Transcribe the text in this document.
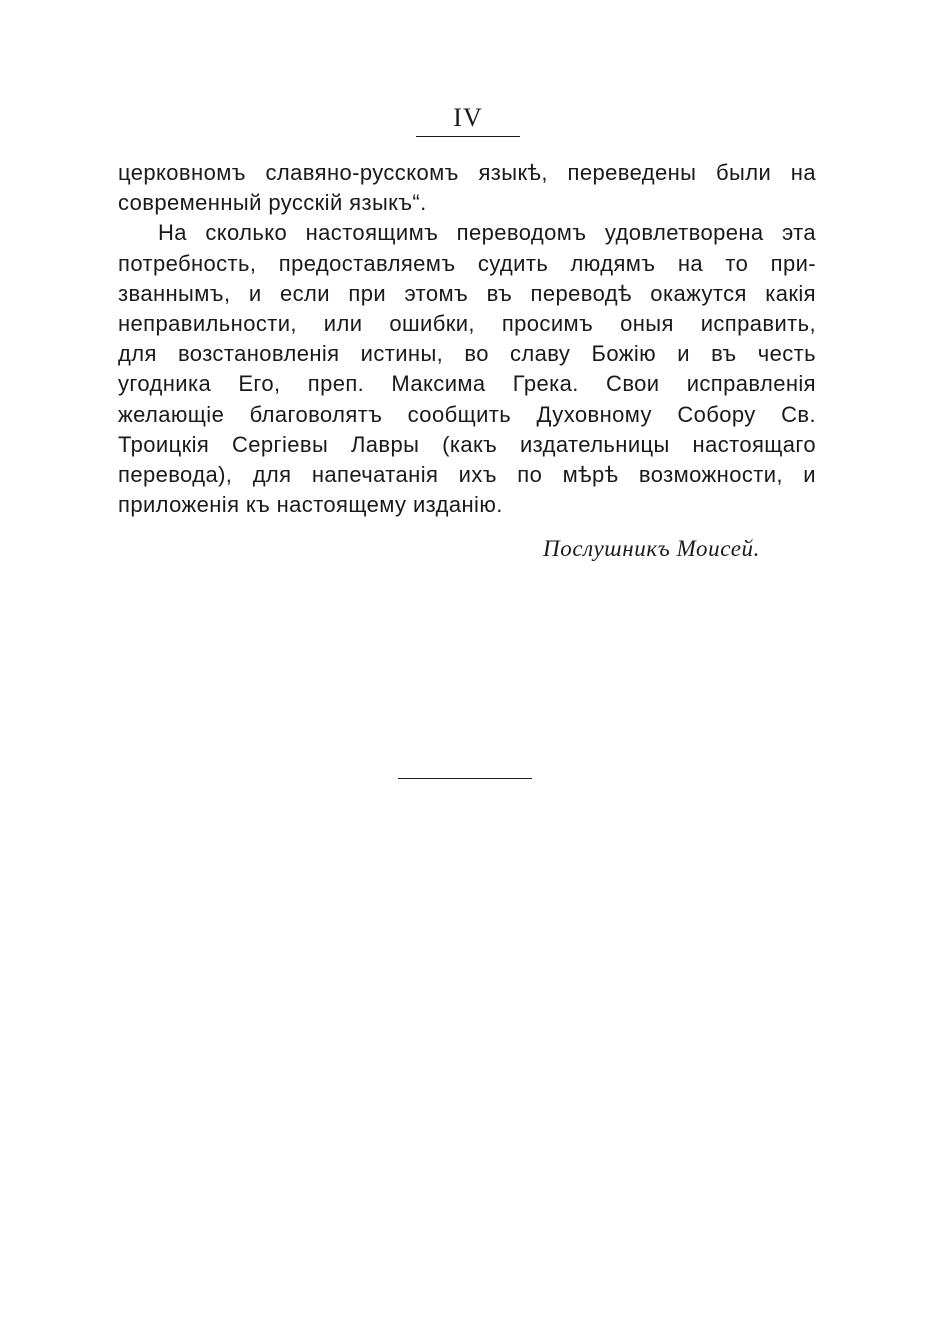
IV
церковномъ славяно-русскомъ языкѣ, переведены были на
современный русскій языкъ“.
На сколько настоящимъ переводомъ удовлетворена эта
потребность, предоставляемъ судить людямъ на то при-
званнымъ, и если при этомъ въ переводѣ окажутся какія
неправильности, или ошибки, просимъ оныя исправить,
для возстановленія истины, во славу Божію и въ честь
угодника Его, преп. Максима Грека. Свои исправленія
желающіе благоволятъ сообщить Духовному Собору Св.
Троицкія Сергіевы Лавры (какъ издательницы настоящаго
перевода), для напечатанія ихъ по мѣрѣ возможности, и
приложенія къ настоящему изданію.
Послушникъ Моисей.
